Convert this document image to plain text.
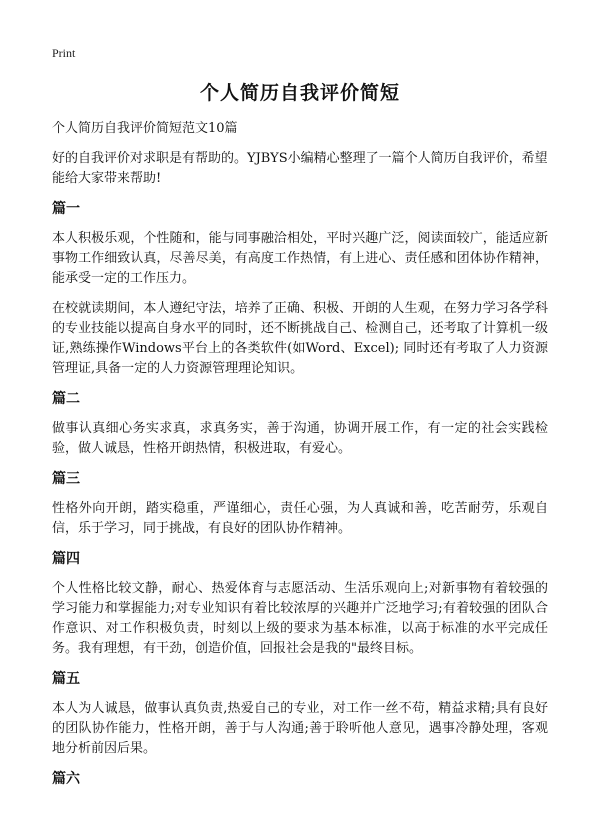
Print
个人简历自我评价简短
个人简历自我评价简短范文10篇
好的自我评价对求职是有帮助的。YJBYS小编精心整理了一篇个人简历自我评价，希望能给大家带来帮助!
篇一
本人积极乐观，个性随和，能与同事融洽相处，平时兴趣广泛，阅读面较广，能适应新事物工作细致认真，尽善尽美，有高度工作热情，有上进心、责任感和团体协作精神，能承受一定的工作压力。
在校就读期间，本人遵纪守法，培养了正确、积极、开朗的人生观，在努力学习各学科的专业技能以提高自身水平的同时，还不断挑战自己、检测自己，还考取了计算机一级证,熟练操作Windows平台上的各类软件(如Word、Excel); 同时还有考取了人力资源管理证,具备一定的人力资源管理理论知识。
篇二
做事认真细心务实求真，求真务实，善于沟通，协调开展工作，有一定的社会实践检验，做人诚恳，性格开朗热情，积极进取，有爱心。
篇三
性格外向开朗，踏实稳重，严谨细心，责任心强，为人真诚和善，吃苦耐劳，乐观自信，乐于学习，同于挑战，有良好的团队协作精神。
篇四
个人性格比较文静，耐心、热爱体育与志愿活动、生活乐观向上;对新事物有着较强的学习能力和掌握能力;对专业知识有着比较浓厚的兴趣并广泛地学习;有着较强的团队合作意识、对工作积极负责，时刻以上级的要求为基本标准，以高于标准的水平完成任务。我有理想，有干劲，创造价值，回报社会是我的"最终目标。
篇五
本人为人诚恳，做事认真负责,热爱自己的专业，对工作一丝不苟，精益求精;具有良好的团队协作能力，性格开朗，善于与人沟通;善于聆听他人意见，遇事冷静处理，客观地分析前因后果。
篇六
